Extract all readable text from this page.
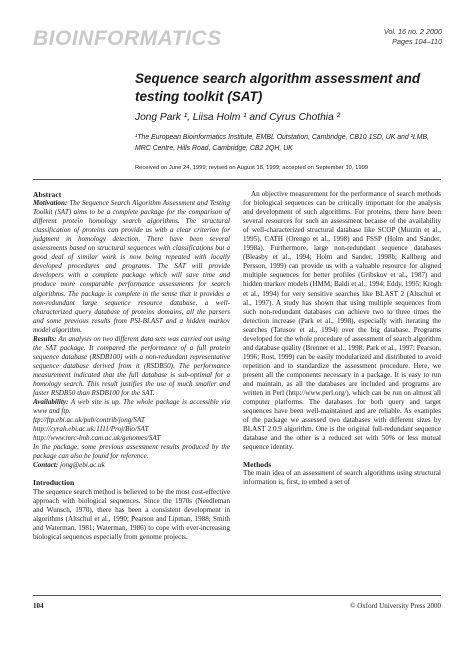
BIOINFORMATICS	Vol. 16 no. 2 2000
Pages 104–110
Sequence search algorithm assessment and testing toolkit (SAT)
Jong Park ¹, Liisa Holm ¹ and Cyrus Chothia ²
¹The European Bioinformatics Institute, EMBL Outstation, Cambridge, CB10 1SD, UK and ²LMB, MRC Centre, Hills Road, Cambridge, CB2 2QH, UK
Received on June 24, 1999; revised on August 18, 1999; accepted on September 10, 1999

Abstract

Motivation: The Sequence Search Algorithm Assessment and Testing Toolkit (SAT) aims to be a complete package for the comparison of different protein homology search algorithms. The structural classification of proteins can provide us with a clear criterion for judgment in homology detection. There have been several assessments based on structural sequences with classifications but a good deal of similar work is now being repeated with locally developed procedures and programs. The SAT will provide developers with a complete package which will save time and produce more comparable performance assessments for search algorithms. The package is complete in the sense that it provides a non-redundant large sequence resource database, a well-characterized query database of proteins domains, all the parsers and some previous results from PSI-BLAST and a hidden markov model algorithm.

Results: An analysis on two different data sets was carried out using the SAT package. It compared the performance of a full protein sequence database (RSDB100) with a non-redundant representative sequence database derived from it (RSDB50). The performance measurement indicated that the full database is sub-optimal for a homology search. This result justifies the use of much smaller and faster RSDB50 than RSDB100 for the SAT.

Availability: A web site is up. The whole package is accessible via www and ftp.

ftp://ftp.ebi.ac.uk/pub/contrib/jong/SAT

http://cyrah.ebi.ac.uk:1111/Proj/Bio/SAT

http://www.mrc-lmb.cam.ac.uk/genomes/SAT

In the package, some previous assessment results produced by the package can also be found for reference.

Contact: jong@ebi.ac.uk

Introduction

The sequence search method is believed to be the most cost-effective approach with biological sequences. Since the 1970s (Needleman and Wunsch, 1970), there has been a consistent development in algorithms (Altschul et al., 1990; Pearson and Lipman, 1988; Smith and Waterman, 1981; Waterman, 1986) to cope with ever-increasing biological sequences especially from genome projects.

An objective measurement for the performance of search methods for biological sequences can be critically important for the analysis and development of such algorithms. For proteins, there have been several resources for such an assessment because of the availability of well-characterized structural database like SCOP (Murzin et al., 1995), CATH (Orengo et al., 1998) and FSSP (Holm and Sander, 1998a). Furthermore, large non-redundant sequence databases (Bleasby et al., 1994; Holm and Sander, 1998b; Kallberg and Persson, 1999) can provide us with a valuable resource for aligned multiple sequences for better profiles (Gribskov et al., 1987) and hidden markov models (HMM; Baldi et al., 1994; Eddy, 1995; Krogh et al., 1994) for very sensitive searches like BLAST 2 (Altschul et al., 1997). A study has shown that using multiple sequences from such non-redundant databases can achieve two to three times the detection increase (Park et al., 1998), especially with iterating the searches (Tatusov et al., 1994) over the big database. Programs developed for the whole procedure of assessment of search algorithm and database quality (Brenner et al., 1998; Park et al., 1997; Pearson, 1996; Rost, 1999) can be easily modularized and distributed to avoid repetition and to standardize the assessment procedure. Here, we present all the components necessary in a package. It is easy to run and maintain, as all the databases are included and programs are written in Perl (http://www.perl.org/), which can be run on almost all computer platforms. The databases for both query and target sequences have been well-maintained and are reliable. As examples of the package we assessed two databases with different sizes by BLAST 2.0.9 algorithm. One is the original full-redundant sequence database and the other is a reduced set with 50% or less mutual sequence identity.

Methods

The main idea of an assessment of search algorithms using structural information is, first, to embed a set of

104	© Oxford University Press 2000
